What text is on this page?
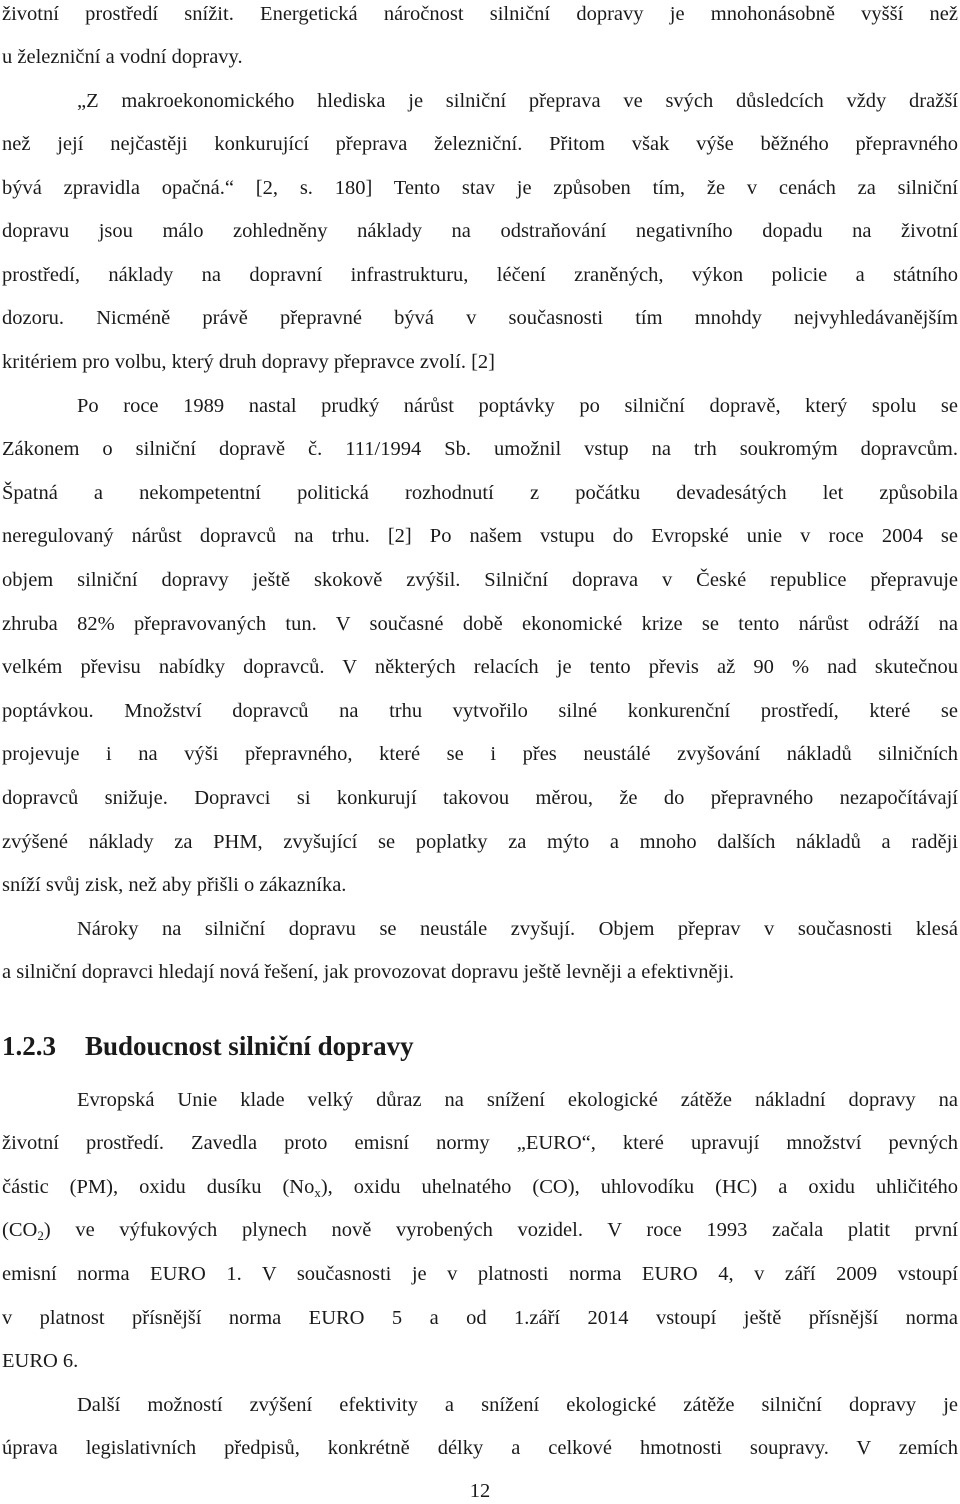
životní prostředí snížit. Energetická náročnost silniční dopravy je mnohonásobně vyšší než
u železniční a vodní dopravy.
„Z makroekonomického hlediska je silniční přeprava ve svých důsledcích vždy dražší
než její nejčastěji konkurující přeprava železniční. Přitom však výše běžného přepravného
bývá zpravidla opačná.“ [2, s. 180] Tento stav je způsoben tím, že v cenách za silniční
dopravu jsou málo zohledněny náklady na odstraňování negativního dopadu na životní
prostředí, náklady na dopravní infrastrukturu, léčení zraněných, výkon policie a státního
dozoru. Nicméně právě přepravné bývá v současnosti tím mnohdy nejvyhledávanějším
kritériem pro volbu, který druh dopravy přepravce zvolí. [2]
Po roce 1989 nastal prudký nárůst poptávky po silniční dopravě, který spolu se
Zákonem o silniční dopravě č. 111/1994 Sb. umožnil vstup na trh soukromým dopravcům.
Špatná a nekompetentní politická rozhodnutí z počátku devadesátých let způsobila
neregulovaný nárůst dopravců na trhu. [2] Po našem vstupu do Evropské unie v roce 2004 se
objem silniční dopravy ještě skokově zvýšil. Silniční doprava v České republice přepravuje
zhruba 82% přepravovaných tun. V současné době ekonomické krize se tento nárůst odráží na
velkém převisu nabídky dopravců. V některých relacích je tento převis až 90 % nad skutečnou
poptávkou. Množství dopravců na trhu vytvořilo silné konkurenční prostředí, které se
projevuje i na výši přepravného, které se i přes neustálé zvyšování nákladů silničních
dopravců snižuje. Dopravci si konkurují takovou měrou, že do přepravného nezapočítávají
zvýšené náklady za PHM, zvyšující se poplatky za mýto a mnoho dalších nákladů a raději
sníží svůj zisk, než aby přišli o zákazníka.
Nároky na silniční dopravu se neustále zvyšují. Objem přeprav v současnosti klesá
a silniční dopravci hledají nová řešení, jak provozovat dopravu ještě levněji a efektivněji.
1.2.3 Budoucnost silniční dopravy
Evropská Unie klade velký důraz na snížení ekologické zátěže nákladní dopravy na
životní prostředí. Zavedla proto emisní normy „EURO“, které upravují množství pevných
částic (PM), oxidu dusíku $(No_x)$, oxidu uhelnatého (CO), uhlovodíku (HC) a oxidu uhličitého
$(CO_2)$ ve výfukových plynech nově vyrobených vozidel. V roce 1993 začala platit první
emisní norma EURO 1. V současnosti je v platnosti norma EURO 4, v září 2009 vstoupí
v platnost přísnější norma EURO 5 a od 1.září 2014 vstoupí ještě přísnější norma
EURO 6.
Další možností zvýšení efektivity a snížení ekologické zátěže silniční dopravy je
úprava legislativních předpisů, konkrétně délky a celkové hmotnosti soupravy. V zemích
12
